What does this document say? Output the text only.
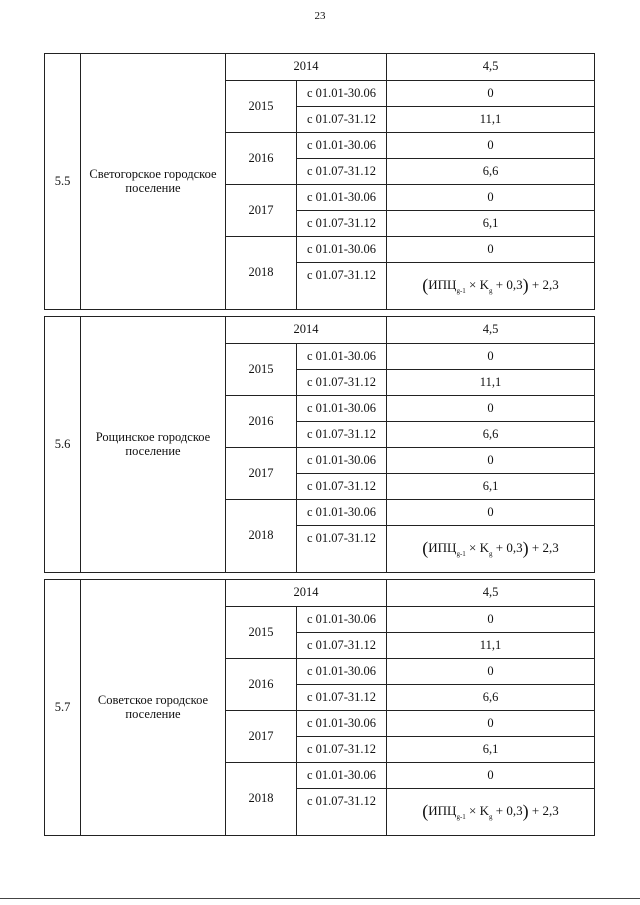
23
5.5	Светогорское городское поселение	2014		4,5
		2015	с 01.01-30.06	0
			с 01.07-31.12	11,1
		2016	с 01.01-30.06	0
			с 01.07-31.12	6,6
		2017	с 01.01-30.06	0
			с 01.07-31.12	6,1
		2018	с 01.01-30.06	0
			с 01.07-31.12	$(ИПЦ_{g-1} \times K_g + 0,3) + 2,3$

5.6	Рощинское городское поселение	2014		4,5
		2015	с 01.01-30.06	0
			с 01.07-31.12	11,1
		2016	с 01.01-30.06	0
			с 01.07-31.12	6,6
		2017	с 01.01-30.06	0
			с 01.07-31.12	6,1
		2018	с 01.01-30.06	0
			с 01.07-31.12	$(ИПЦ_{g-1} \times K_g + 0,3) + 2,3$

5.7	Советское городское поселение	2014		4,5
		2015	с 01.01-30.06	0
			с 01.07-31.12	11,1
		2016	с 01.01-30.06	0
			с 01.07-31.12	6,6
		2017	с 01.01-30.06	0
			с 01.07-31.12	6,1
		2018	с 01.01-30.06	0
			с 01.07-31.12	$(ИПЦ_{g-1} \times K_g + 0,3) + 2,3$
